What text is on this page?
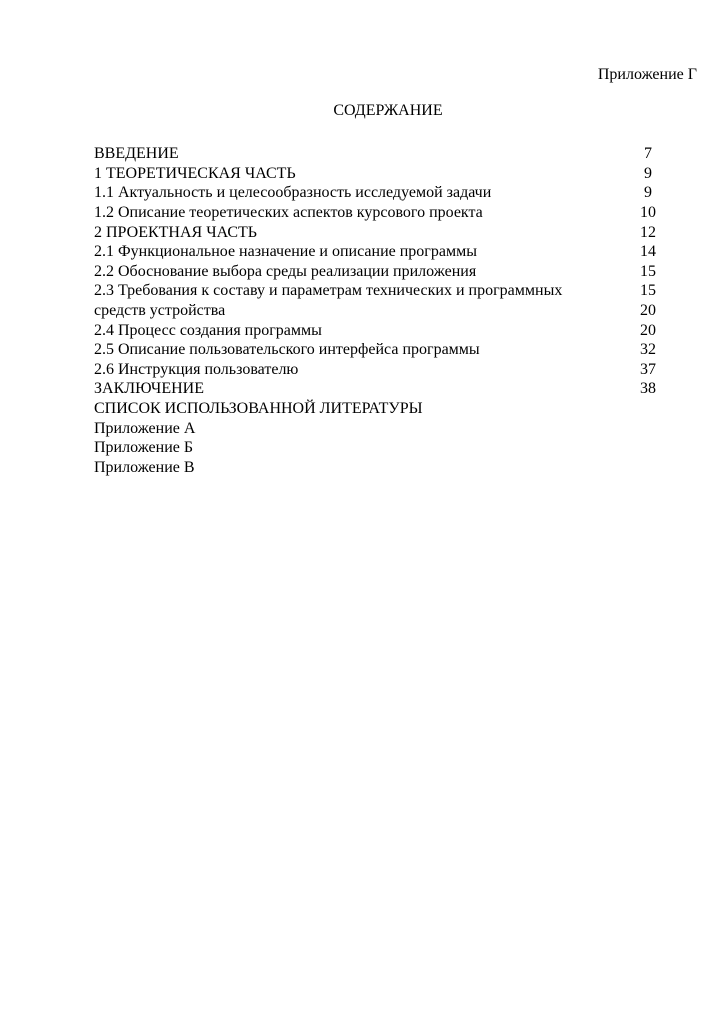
Приложение Г
СОДЕРЖАНИЕ
ВВЕДЕНИЕ	7
1 ТЕОРЕТИЧЕСКАЯ ЧАСТЬ	9
1.1 Актуальность и целесообразность исследуемой задачи	9
1.2 Описание теоретических аспектов курсового проекта	10
2 ПРОЕКТНАЯ ЧАСТЬ	12
2.1 Функциональное назначение и описание программы	14
2.2 Обоснование выбора среды реализации приложения	15
2.3 Требования к составу и параметрам технических и программных	15
средств устройства	20
2.4 Процесс создания программы	20
2.5 Описание пользовательского интерфейса программы	32
2.6 Инструкция пользователю	37
ЗАКЛЮЧЕНИЕ	38
СПИСОК ИСПОЛЬЗОВАННОЙ ЛИТЕРАТУРЫ
Приложение А
Приложение Б
Приложение В
